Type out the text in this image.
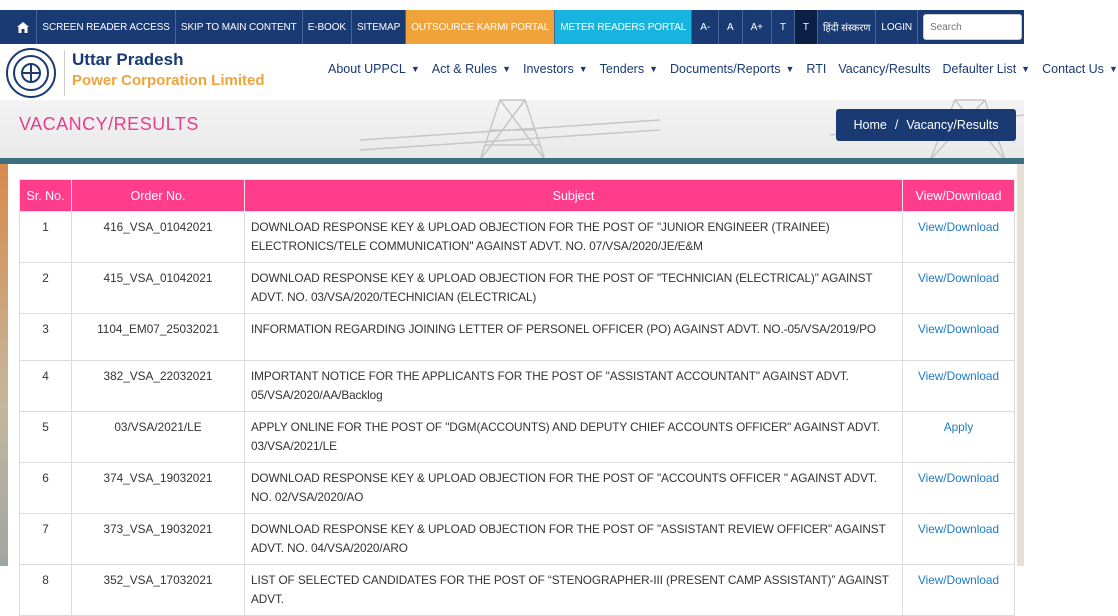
SCREEN READER ACCESS	SKIP TO MAIN CONTENT	E-BOOK	SITEMAP	OUTSOURCE KARMI PORTAL	METER READERS PORTAL	A-	A	A+	T	T	हिंदी संस्करण	LOGIN
Search
Uttar Pradesh
Power Corporation Limited
About UPPCL ▼ Act & Rules ▼ Investors ▼ Tenders ▼ Documents/Reports ▼ RTI Vacancy/Results Defaulter List ▼ Contact Us ▼
VACANCY/RESULTS	Home / Vacancy/Results
Sr. No.	Order No.	Subject	View/Download
1	416_VSA_01042021	DOWNLOAD RESPONSE KEY & UPLOAD OBJECTION FOR THE POST OF "JUNIOR ENGINEER (TRAINEE) ELECTRONICS/TELE COMMUNICATION" AGAINST ADVT. NO. 07/VSA/2020/JE/E&M	View/Download
2	415_VSA_01042021	DOWNLOAD RESPONSE KEY & UPLOAD OBJECTION FOR THE POST OF "TECHNICIAN (ELECTRICAL)" AGAINST ADVT. NO. 03/VSA/2020/TECHNICIAN (ELECTRICAL)	View/Download
3	1104_EM07_25032021	INFORMATION REGARDING JOINING LETTER OF PERSONEL OFFICER (PO) AGAINST ADVT. NO.-05/VSA/2019/PO	View/Download
4	382_VSA_22032021	IMPORTANT NOTICE FOR THE APPLICANTS FOR THE POST OF "ASSISTANT ACCOUNTANT" AGAINST ADVT. 05/VSA/2020/AA/Backlog	View/Download
5	03/VSA/2021/LE	APPLY ONLINE FOR THE POST OF "DGM(ACCOUNTS) AND DEPUTY CHIEF ACCOUNTS OFFICER" AGAINST ADVT. 03/VSA/2021/LE	Apply
6	374_VSA_19032021	DOWNLOAD RESPONSE KEY & UPLOAD OBJECTION FOR THE POST OF "ACCOUNTS OFFICER " AGAINST ADVT. NO. 02/VSA/2020/AO	View/Download
7	373_VSA_19032021	DOWNLOAD RESPONSE KEY & UPLOAD OBJECTION FOR THE POST OF "ASSISTANT REVIEW OFFICER" AGAINST ADVT. NO. 04/VSA/2020/ARO	View/Download
8	352_VSA_17032021	LIST OF SELECTED CANDIDATES FOR THE POST OF “STENOGRAPHER-III (PRESENT CAMP ASSISTANT)” AGAINST ADVT.	View/Download
